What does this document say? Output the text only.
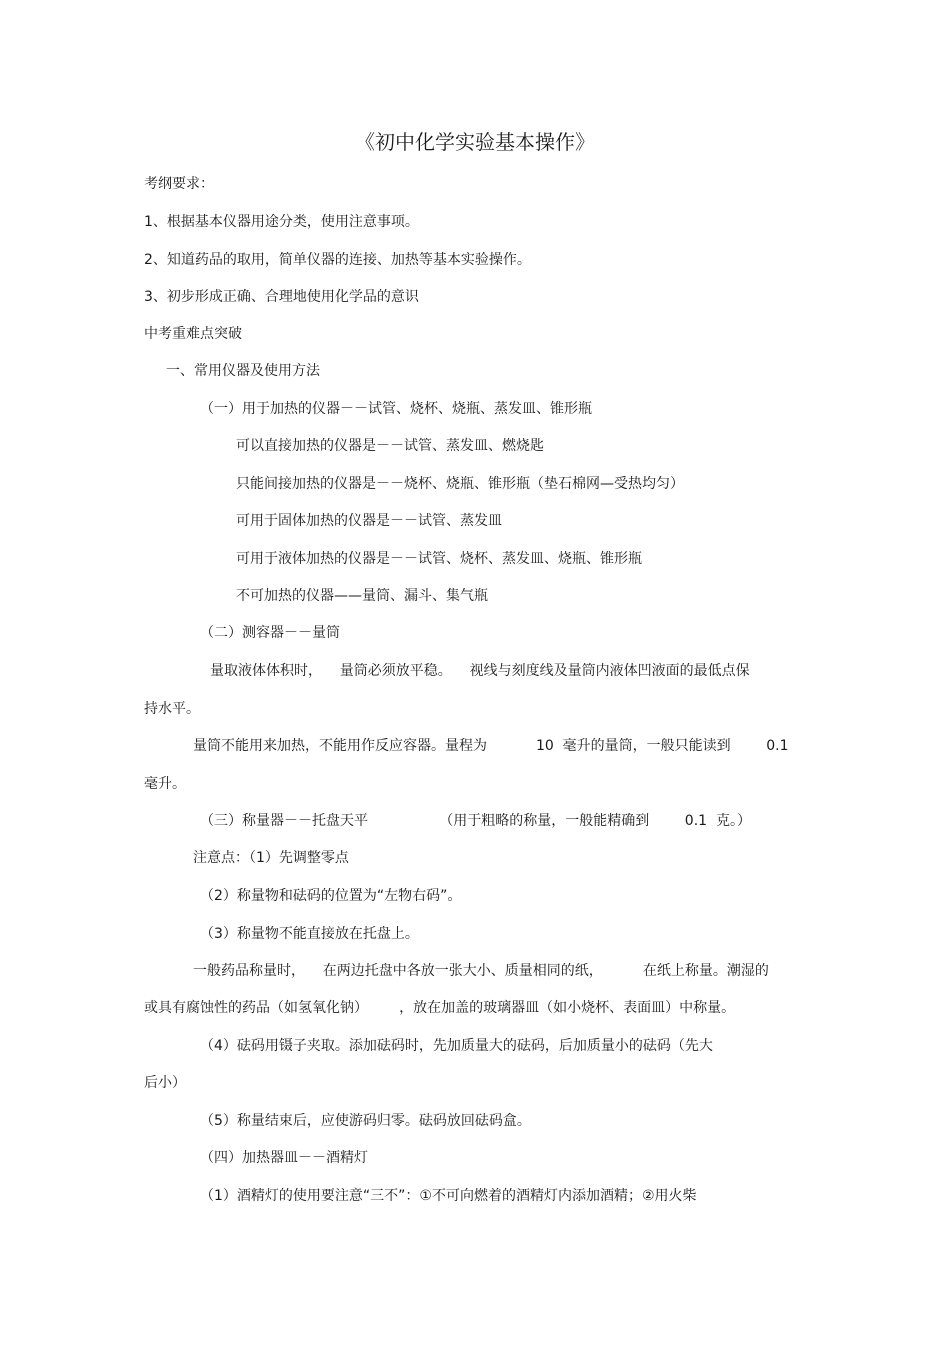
《初中化学实验基本操作》
考纲要求：
1、根据基本仪器用途分类，使用注意事项。
2、知道药品的取用，简单仪器的连接、加热等基本实验操作。
3、初步形成正确、合理地使用化学品的意识
中考重难点突破
一、常用仪器及使用方法
（一）用于加热的仪器－－试管、烧杯、烧瓶、蒸发皿、锥形瓶
可以直接加热的仪器是－－试管、蒸发皿、燃烧匙
只能间接加热的仪器是－－烧杯、烧瓶、锥形瓶（垫石棉网—受热均匀）
可用于固体加热的仪器是－－试管、蒸发皿
可用于液体加热的仪器是－－试管、烧杯、蒸发皿、烧瓶、锥形瓶
不可加热的仪器——量筒、漏斗、集气瓶
（二）测容器－－量筒
量取液体体积时，    量筒必须放平稳。    视线与刻度线及量筒内液体凹液面的最低点保
持水平。
量筒不能用来加热，不能用作反应容器。量程为           10  毫升的量筒，一般只能读到        0.1
毫升。
（三）称量器－－托盘天平                （用于粗略的称量，一般能精确到        0.1  克。）
注意点：（1）先调整零点
（2）称量物和砝码的位置为“左物右码”。
（3）称量物不能直接放在托盘上。
一般药品称量时，    在两边托盘中各放一张大小、质量相同的纸，         在纸上称量。潮湿的
或具有腐蚀性的药品（如氢氧化钠）       ，放在加盖的玻璃器皿（如小烧杯、表面皿）中称量。
（4）砝码用镊子夹取。添加砝码时，先加质量大的砝码，后加质量小的砝码（先大
后小）
（5）称量结束后，应使游码归零。砝码放回砝码盒。
（四）加热器皿－－酒精灯
（1）酒精灯的使用要注意“三不”：①不可向燃着的酒精灯内添加酒精；②用火柴
